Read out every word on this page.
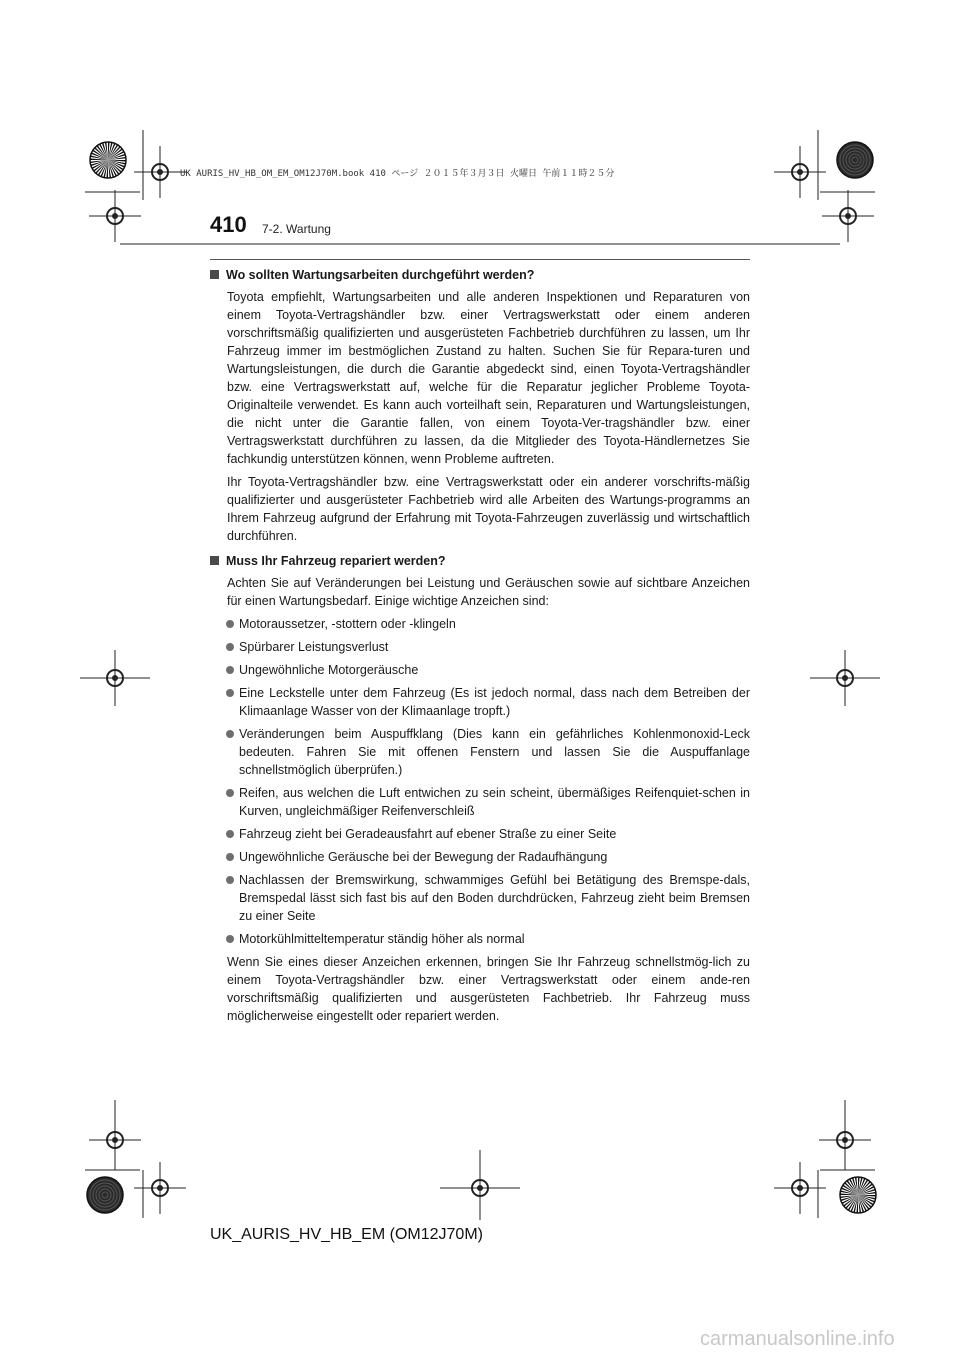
UK AURIS_HV_HB_OM_EM_OM12J70M.book 410 ページ ２０１５年３月３日 火曜日 午前１１時２５分
410 7-2. Wartung
Wo sollten Wartungsarbeiten durchgeführt werden?

Toyota empfiehlt, Wartungsarbeiten und alle anderen Inspektionen und Reparaturen von einem Toyota-Vertragshändler bzw. einer Vertragswerkstatt oder einem anderen vorschriftsmäßig qualifizierten und ausgerüsteten Fachbetrieb durchführen zu lassen, um Ihr Fahrzeug immer im bestmöglichen Zustand zu halten. Suchen Sie für Repara-turen und Wartungsleistungen, die durch die Garantie abgedeckt sind, einen Toyota-Vertragshändler bzw. eine Vertragswerkstatt auf, welche für die Reparatur jeglicher Probleme Toyota-Originalteile verwendet. Es kann auch vorteilhaft sein, Reparaturen und Wartungsleistungen, die nicht unter die Garantie fallen, von einem Toyota-Ver-tragshändler bzw. einer Vertragswerkstatt durchführen zu lassen, da die Mitglieder des Toyota-Händlernetzes Sie fachkundig unterstützen können, wenn Probleme auftreten.

Ihr Toyota-Vertragshändler bzw. eine Vertragswerkstatt oder ein anderer vorschrifts-mäßig qualifizierter und ausgerüsteter Fachbetrieb wird alle Arbeiten des Wartungs-programms an Ihrem Fahrzeug aufgrund der Erfahrung mit Toyota-Fahrzeugen zuverlässig und wirtschaftlich durchführen.

Muss Ihr Fahrzeug repariert werden?

Achten Sie auf Veränderungen bei Leistung und Geräuschen sowie auf sichtbare Anzeichen für einen Wartungsbedarf. Einige wichtige Anzeichen sind:

Motoraussetzer, -stottern oder -klingeln
Spürbarer Leistungsverlust
Ungewöhnliche Motorgeräusche
Eine Leckstelle unter dem Fahrzeug (Es ist jedoch normal, dass nach dem Betreiben der Klimaanlage Wasser von der Klimaanlage tropft.)
Veränderungen beim Auspuffklang (Dies kann ein gefährliches Kohlenmonoxid-Leck bedeuten. Fahren Sie mit offenen Fenstern und lassen Sie die Auspuffanlage schnellstmöglich überprüfen.)
Reifen, aus welchen die Luft entwichen zu sein scheint, übermäßiges Reifenquiet-schen in Kurven, ungleichmäßiger Reifenverschleiß
Fahrzeug zieht bei Geradeausfahrt auf ebener Straße zu einer Seite
Ungewöhnliche Geräusche bei der Bewegung der Radaufhängung
Nachlassen der Bremswirkung, schwammiges Gefühl bei Betätigung des Bremspe-dals, Bremspedal lässt sich fast bis auf den Boden durchdrücken, Fahrzeug zieht beim Bremsen zu einer Seite
Motorkühlmitteltemperatur ständig höher als normal

Wenn Sie eines dieser Anzeichen erkennen, bringen Sie Ihr Fahrzeug schnellstmög-lich zu einem Toyota-Vertragshändler bzw. einer Vertragswerkstatt oder einem ande-ren vorschriftsmäßig qualifizierten und ausgerüsteten Fachbetrieb. Ihr Fahrzeug muss möglicherweise eingestellt oder repariert werden.

UK_AURIS_HV_HB_EM (OM12J70M)
carmanualsonline.info
